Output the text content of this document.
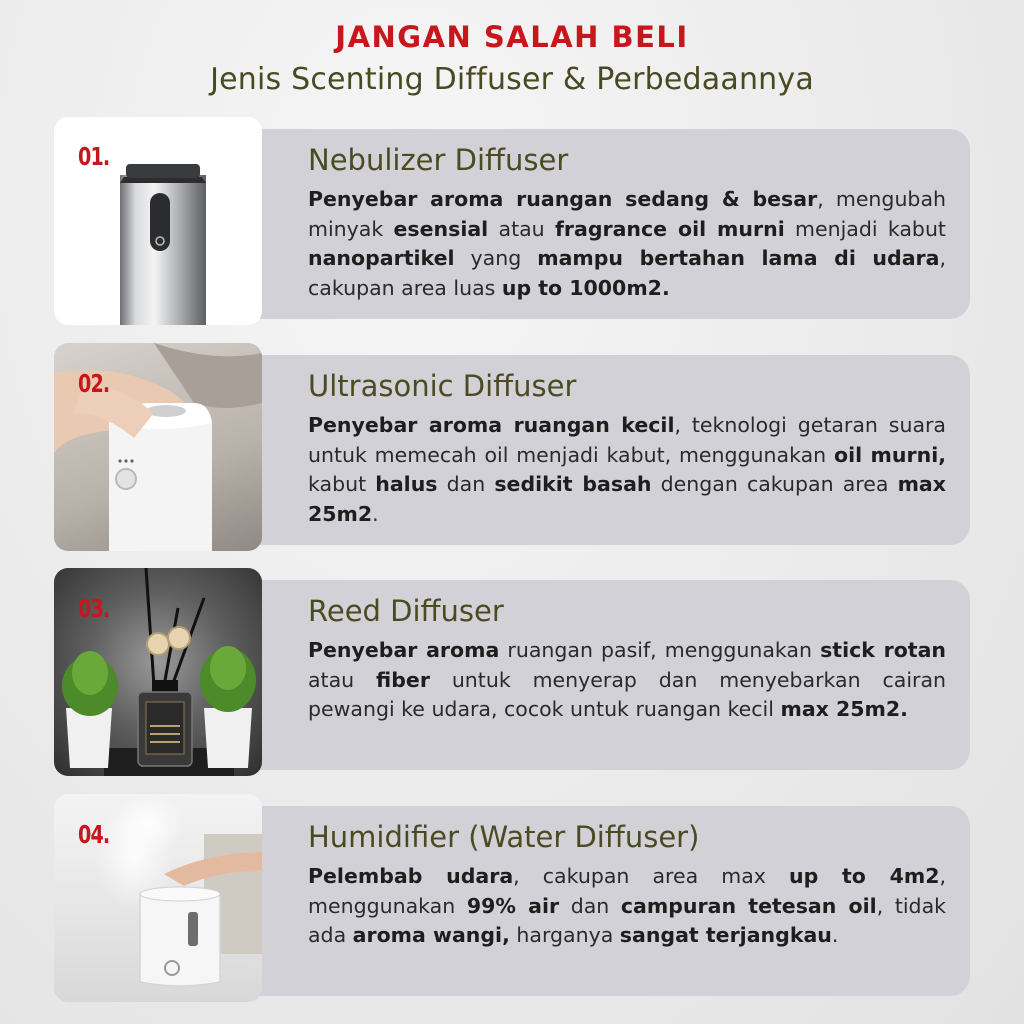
JANGAN SALAH BELI
Jenis Scenting Diffuser & Perbedaannya
Nebulizer Diffuser
Penyebar aroma ruangan sedang & besar, mengubah minyak esensial atau fragrance oil murni menjadi kabut nanopartikel yang mampu bertahan lama di udara, cakupan area luas up to 1000m2.
01.
Ultrasonic Diffuser
Penyebar aroma ruangan kecil, teknologi getaran suara untuk memecah oil menjadi kabut, menggunakan oil murni, kabut halus dan sedikit basah dengan cakupan area max 25m2.
02.
Reed Diffuser
Penyebar aroma ruangan pasif, menggunakan stick rotan atau fiber untuk menyerap dan menyebarkan cairan pewangi ke udara, cocok untuk ruangan kecil max 25m2.
03.
Humidifier (Water Diffuser)
Pelembab udara, cakupan area max up to 4m2, menggunakan 99% air dan campuran tetesan oil, tidak ada aroma wangi, harganya sangat terjangkau.
04.
